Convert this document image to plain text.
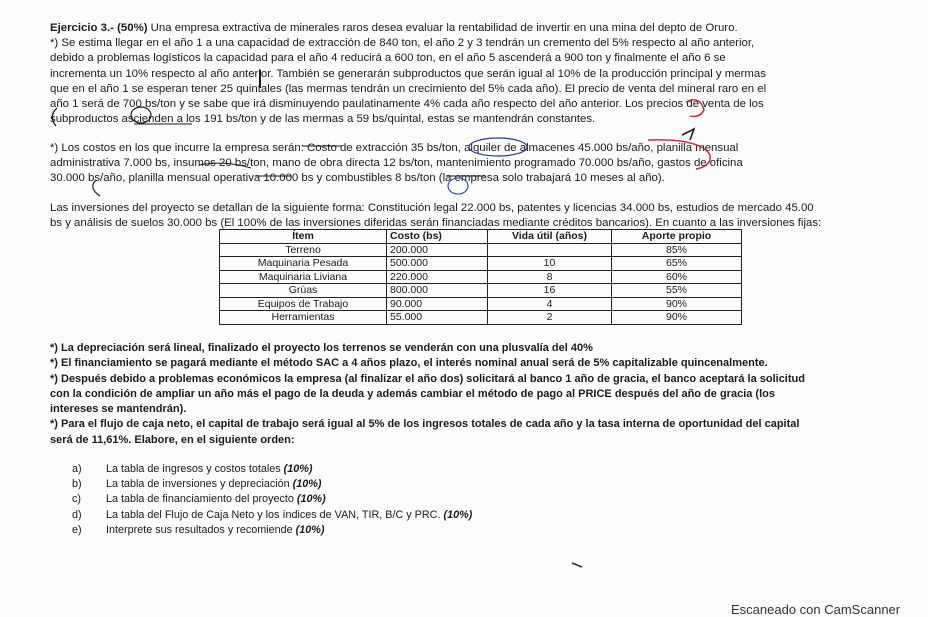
Ejercicio 3.- (50%) Una empresa extractiva de minerales raros desea evaluar la rentabilidad de invertir en una mina del depto de Oruro.
*) Se estima llegar en el año 1 a una capacidad de extracción de 840 ton, el año 2 y 3 tendrán un cremento del 5% respecto al año anterior,
debido a problemas logísticos la capacidad para el año 4 reducirá a 600 ton, en el año 5 ascenderá a 900 ton y finalmente el año 6 se
incrementa un 10% respecto al año anterior. También se generarán subproductos que serán igual al 10% de la producción principal y mermas
que en el año 1 se esperan tener 25 quintales (las mermas tendrán un crecimiento del 5% cada año). El precio de venta del mineral raro en el
año 1 será de 700 bs/ton y se sabe que irá disminuyendo paulatinamente 4% cada año respecto del año anterior. Los precios de venta de los
subproductos ascienden a los 191 bs/ton y de las mermas a 59 bs/quintal, estas se mantendrán constantes.
*) Los costos en los que incurre la empresa serán: Costo de extracción 35 bs/ton, alquiler de almacenes 45.000 bs/año, planilla mensual
administrativa 7.000 bs, insumos 20 bs/ton, mano de obra directa 12 bs/ton, mantenimiento programado 70.000 bs/año, gastos de oficina
30.000 bs/año, planilla mensual operativa 10.000 bs y combustibles 8 bs/ton (la empresa solo trabajará 10 meses al año).
Las inversiones del proyecto se detallan de la siguiente forma: Constitución legal 22.000 bs, patentes y licencias 34.000 bs, estudios de mercado 45.00
bs y análisis de suelos 30.000 bs (El 100% de las inversiones diferidas serán financiadas mediante créditos bancarios). En cuanto a las inversiones fijas:
Ítem	Costo (bs)	Vida útil (años)	Aporte propio
Terreno	200.000		85%
Maquinaria Pesada	500.000	10	65%
Maquinaria Liviana	220.000	8	60%
Grúas	800.000	16	55%
Equipos de Trabajo	90.000	4	90%
Herramientas	55.000	2	90%
*) La depreciación será lineal, finalizado el proyecto los terrenos se venderán con una plusvalía del 40%
*) El financiamiento se pagará mediante el método SAC a 4 años plazo, el interés nominal anual será de 5% capitalizable quincenalmente.
*) Después debido a problemas económicos la empresa (al finalizar el año dos) solicitará al banco 1 año de gracia, el banco aceptará la solicitud
con la condición de ampliar un año más el pago de la deuda y además cambiar el método de pago al PRICE después del año de gracia (los
intereses se mantendrán).
*) Para el flujo de caja neto, el capital de trabajo será igual al 5% de los ingresos totales de cada año y la tasa interna de oportunidad del capital
será de 11,61%. Elabore, en el siguiente orden:
a)	La tabla de ingresos y costos totales (10%)
b)	La tabla de inversiones y depreciación (10%)
c)	La tabla de financiamiento del proyecto (10%)
d)	La tabla del Flujo de Caja Neto y los índices de VAN, TIR, B/C y PRC. (10%)
e)	Interprete sus resultados y recomiende (10%)
Escaneado con CamScanner
